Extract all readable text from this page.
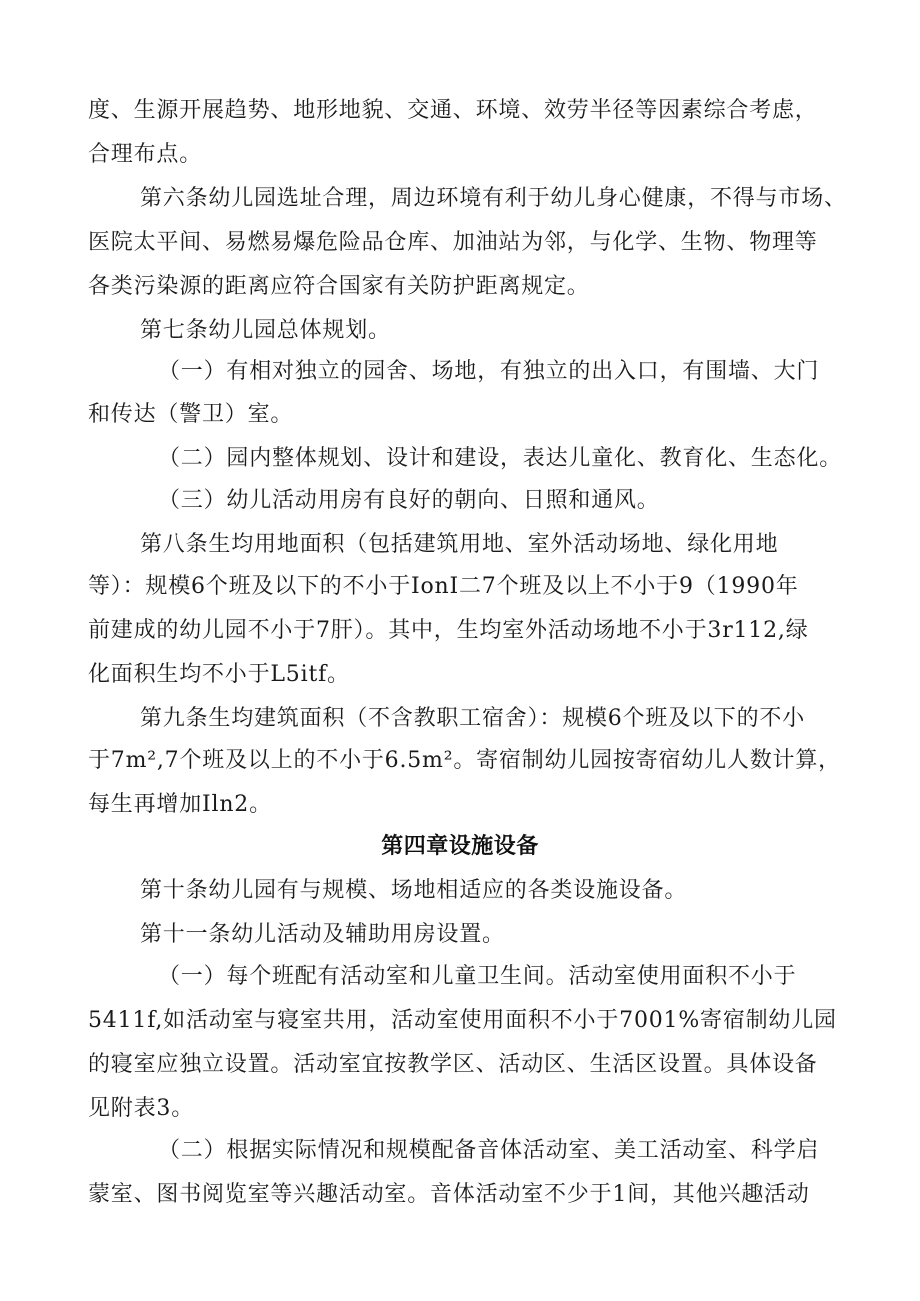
度、生源开展趋势、地形地貌、交通、环境、效劳半径等因素综合考虑，
合理布点。
第六条幼儿园选址合理，周边环境有利于幼儿身心健康，不得与市场、
医院太平间、易燃易爆危险品仓库、加油站为邻，与化学、生物、物理等
各类污染源的距离应符合国家有关防护距离规定。
第七条幼儿园总体规划。
（一）有相对独立的园舍、场地，有独立的出入口，有围墙、大门
和传达（警卫）室。
（二）园内整体规划、设计和建设，表达儿童化、教育化、生态化。
（三）幼儿活动用房有良好的朝向、日照和通风。
第八条生均用地面积（包括建筑用地、室外活动场地、绿化用地
等）：规模6个班及以下的不小于IonI二7个班及以上不小于9（1990年
前建成的幼儿园不小于7肝）。其中，生均室外活动场地不小于3r112,绿
化面积生均不小于L5itf。
第九条生均建筑面积（不含教职工宿舍）：规模6个班及以下的不小
于7m²,7个班及以上的不小于6.5m²。寄宿制幼儿园按寄宿幼儿人数计算，
每生再增加Iln2。
第四章设施设备
第十条幼儿园有与规模、场地相适应的各类设施设备。
第十一条幼儿活动及辅助用房设置。
（一）每个班配有活动室和儿童卫生间。活动室使用面积不小于
5411f,如活动室与寝室共用，活动室使用面积不小于7001%寄宿制幼儿园
的寝室应独立设置。活动室宜按教学区、活动区、生活区设置。具体设备
见附表3。
（二）根据实际情况和规模配备音体活动室、美工活动室、科学启
蒙室、图书阅览室等兴趣活动室。音体活动室不少于1间，其他兴趣活动
